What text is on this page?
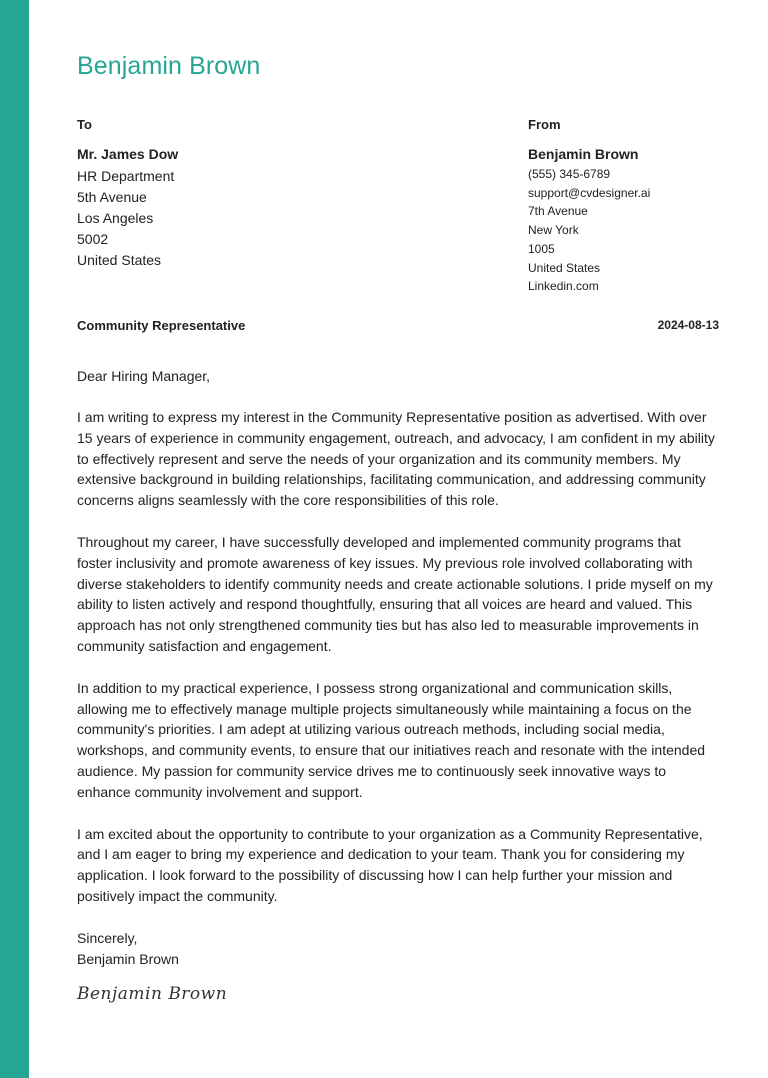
Benjamin Brown
To	From
Mr. James Dow
HR Department
5th Avenue
Los Angeles
5002
United States
Benjamin Brown
(555) 345-6789
support@cvdesigner.ai
7th Avenue
New York
1005
United States
Linkedin.com
Community Representative	2024-08-13
Dear Hiring Manager,

I am writing to express my interest in the Community Representative position as advertised. With over 15 years of experience in community engagement, outreach, and advocacy, I am confident in my ability to effectively represent and serve the needs of your organization and its community members. My extensive background in building relationships, facilitating communication, and addressing community concerns aligns seamlessly with the core responsibilities of this role.

Throughout my career, I have successfully developed and implemented community programs that foster inclusivity and promote awareness of key issues. My previous role involved collaborating with diverse stakeholders to identify community needs and create actionable solutions. I pride myself on my ability to listen actively and respond thoughtfully, ensuring that all voices are heard and valued. This approach has not only strengthened community ties but has also led to measurable improvements in community satisfaction and engagement.

In addition to my practical experience, I possess strong organizational and communication skills, allowing me to effectively manage multiple projects simultaneously while maintaining a focus on the community's priorities. I am adept at utilizing various outreach methods, including social media, workshops, and community events, to ensure that our initiatives reach and resonate with the intended audience. My passion for community service drives me to continuously seek innovative ways to enhance community involvement and support.

I am excited about the opportunity to contribute to your organization as a Community Representative, and I am eager to bring my experience and dedication to your team. Thank you for considering my application. I look forward to the possibility of discussing how I can help further your mission and positively impact the community.

Sincerely,
Benjamin Brown
Benjamin Brown
